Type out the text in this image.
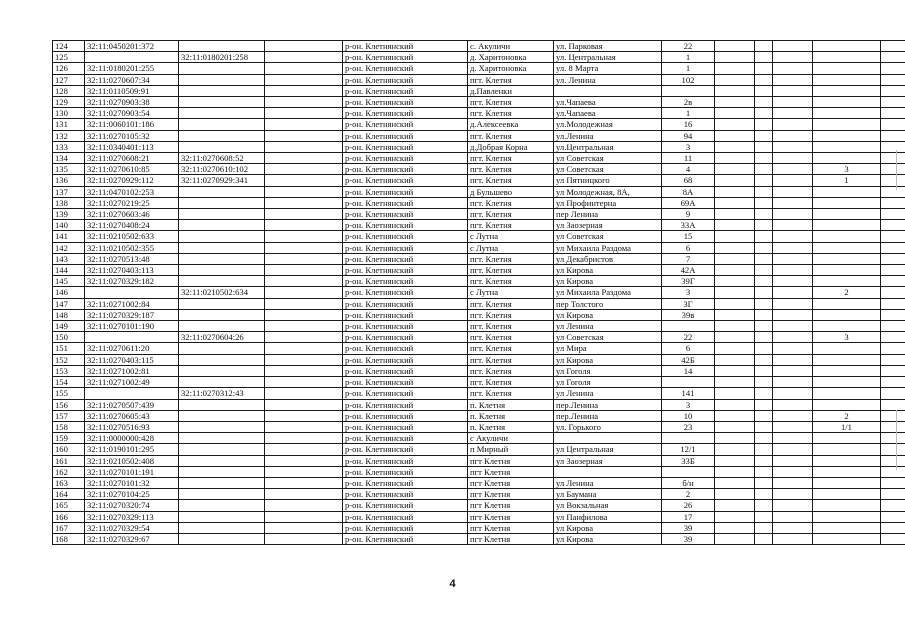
124	32:11:0450201:372			р-он. Клетнянский	с. Акуличи	ул. Парковая	22					
125		32:11:0180201:258		р-он. Клетнянский	д. Харитоновка	ул. Центральная	1					
126	32:11:0180201:255			р-он. Клетнянский	д. Харитоновка	ул. 8 Марта	1					
127	32:11:0270607:34			р-он. Клетнянский	пгт. Клетня	ул. Ленина	102					
128	32:11:0110509:91			р-он. Клетнянский	д.Павленки							
129	32:11:0270903:38			р-он. Клетнянский	пгт. Клетня	ул.Чапаева	2в					
130	32:11:0270903:54			р-он. Клетнянский	пгт. Клетня	ул.Чапаева	1					
131	32:11:0060101:186			р-он. Клетнянский	д.Алексеевка	ул.Молодежная	16					
132	32:11:0270105:32			р-он. Клетнянский	пгт. Клетня	ул.Ленина	94					
133	32:11:0340401:113			р-он. Клетнянский	д.Добрая Корна	ул.Центральная	3					
134	32:11:0270608:21	32:11:0270608:52		р-он. Клетнянский	пгт. Клетня	ул Советская	11					
135	32:11:0270610:85	32:11:0270610:102		р-он. Клетнянский	пгт. Клетня	ул Советская	4				3	
136	32:11:0270929:112	32:11:0270929:341		р-он. Клетнянский	пгт. Клетня	ул Пятницкого	68				1	
137	32:11:0470102:253			р-он. Клетнянский	д Бульшево	ул Молодежная, 8А,	8А					
138	32:11:0270219:25			р-он. Клетнянский	пгт. Клетня	ул Профинтерна	69А					
139	32:11:0270603:46			р-он. Клетнянский	пгт. Клетня	пер Ленина	9					
140	32:11:0270408:24			р-он. Клетнянский	пгт. Клетня	ул Заозерная	33А					
141	32:11:0210502:633			р-он. Клетнянский	с Лутна	ул Советская	15					
142	32:11:0210502:355			р-он. Клетнянский	с Лутна	ул Михаила Раздома	6					
143	32:11:0270513:48			р-он. Клетнянский	пгт. Клетня	ул Декабристов	7					
144	32:11:0270403:113			р-он. Клетнянский	пгт. Клетня	ул Кирова	42А					
145	32:11:0270329:182			р-он. Клетнянский	пгт. Клетня	ул Кирова	39Г					
146		32:11:0210502:634		р-он. Клетнянский	с Лутна	ул Михаила Раздома	3				2	
147	32:11:0271002:84			р-он. Клетнянский	пгт. Клетня	пер Толстого	3Г					
148	32:11:0270329:187			р-он. Клетнянский	пгт. Клетня	ул Кирова	39в					
149	32:11:0270101:190			р-он. Клетнянский	пгт. Клетня	ул Ленина						
150		32:11:0270604:26		р-он. Клетнянский	пгт. Клетня	ул Советская	22				3	
151	32:11:0270611:20			р-он. Клетнянский	пгт. Клетня	ул Мира	6					
152	32:11:0270403:115			р-он. Клетнянский	пгт. Клетня	ул Кирова	42Б					
153	32:11:0271002:81			р-он. Клетнянский	пгт. Клетня	ул Гоголя	14					
154	32:11:0271002:49			р-он. Клетнянский	пгт. Клетня	ул Гоголя						
155		32:11:0270312:43		р-он. Клетнянский	пгт. Клетня	ул Ленина	141					
156	32:11:0270507:439			р-он. Клетнянский	п. Клетня	пер.Ленина	3					
157	32:11:0270605:43			р-он. Клетнянский	п. Клетня	пер.Ленина	10				2	
158	32:11:0270516:93			р-он. Клетнянский	п. Клетня	ул. Горького	23				1/1	
159	32:11:0000000:428			р-он. Клетнянский	с Акуличи							
160	32:11:0190101:295			р-он. Клетнянский	п Мирный	ул Центральная	12/1					
161	32:11:0210502:408			р-он. Клетнянский	пгт Клетня	ул Заозерная	33Б					
162	32:11:0270101:191			р-он. Клетнянский	пгт Клетня							
163	32:11:0270101:32			р-он. Клетнянский	пгт Клетня	ул Ленина	б/н					
164	32:11:0270104:25			р-он. Клетнянский	пгт Клетня	ул Баумана	2					
165	32:11:0270320:74			р-он. Клетнянский	пгт Клетня	ул Вокзальная	26					
166	32:11:0270329:113			р-он. Клетнянский	пгт Клетня	ул Панфилова	17					
167	32:11:0270329:54			р-он. Клетнянский	пгт Клетня	ул Кирова	39					
168	32:11:0270329:67			р-он. Клетнянский	пгт Клетня	ул Кирова	39					
4
